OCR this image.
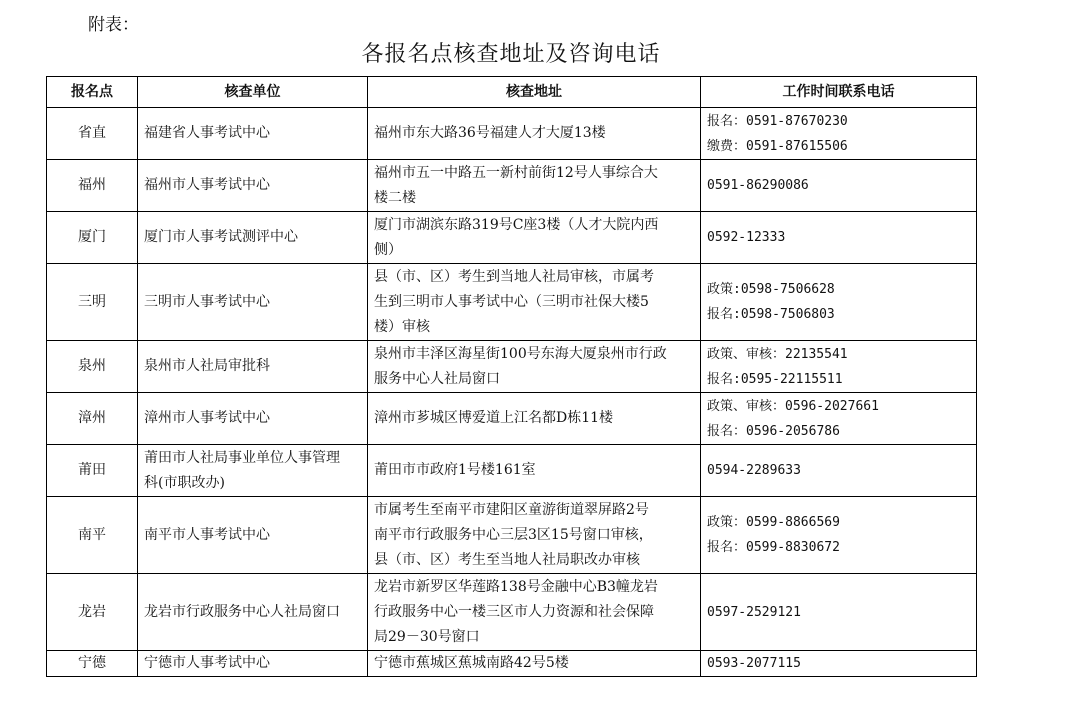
附表：
各报名点核查地址及咨询电话
报名点	核查单位	核查地址	工作时间联系电话
省直	福建省人事考试中心	福州市东大路36号福建人才大厦13楼	报名：0591-87670230
缴费：0591-87615506

福州	福州市人事考试中心	福州市五一中路五一新村前街12号人事综合大
楼二楼	0591-86290086

厦门	厦门市人事考试测评中心	厦门市湖滨东路319号C座3楼（人才大院内西
侧）	0592-12333

三明	三明市人事考试中心	县（市、区）考生到当地人社局审核，市属考
生到三明市人事考试中心（三明市社保大楼5
楼）审核	政策:0598-7506628
报名:0598-7506803

泉州	泉州市人社局审批科	泉州市丰泽区海星街100号东海大厦泉州市行政
服务中心人社局窗口	政策、审核：22135541
报名:0595-22115511

漳州	漳州市人事考试中心	漳州市芗城区博爱道上江名都D栋11楼	政策、审核：0596-2027661
报名：0596-2056786

莆田	莆田市人社局事业单位人事管理
科(市职改办)	莆田市市政府1号楼161室	0594-2289633

南平	南平市人事考试中心	市属考生至南平市建阳区童游街道翠屏路2号
南平市行政服务中心三层3区15号窗口审核，
县（市、区）考生至当地人社局职改办审核	政策：0599-8866569
报名：0599-8830672

龙岩	龙岩市行政服务中心人社局窗口	龙岩市新罗区华莲路138号金融中心B3幢龙岩
行政服务中心一楼三区市人力资源和社会保障
局29－30号窗口	0597-2529121

宁德	宁德市人事考试中心	宁德市蕉城区蕉城南路42号5楼	0593-2077115
